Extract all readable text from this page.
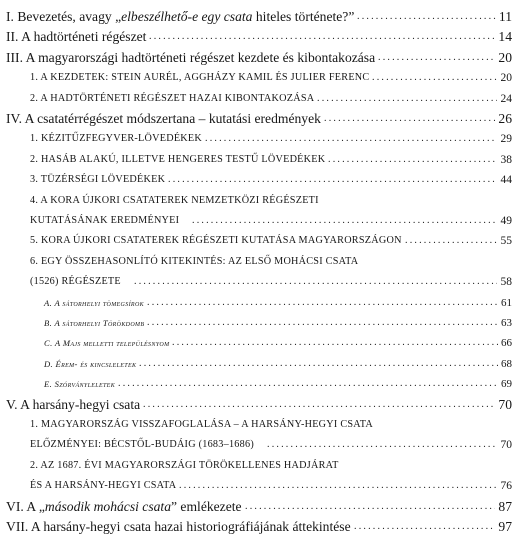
I. Bevezetés, avagy „elbeszélhető-e egy csata hiteles története?”	11
.....
II. A hadtörténeti régészet	14
.....
III. A magyarországi hadtörténeti régészet kezdete és kibontakozása	20
.....
1. A KEZDETEK: STEIN AURÉL, AGGHÁZY KAMIL ÉS JULIER FERENC	20
.....
2. A HADTÖRTÉNETI RÉGÉSZET HAZAI KIBONTAKOZÁSA	24
.....
IV. A csatatérrégészet módszertana – kutatási eredmények	26
.....
1. KÉZITŰZFEGYVER-LÖVEDÉKEK	29
.....
2. HASÁB ALAKÚ, ILLETVE HENGERES TESTŰ LÖVEDÉKEK	38
.....
3. TÜZÉRSÉGI LÖVEDÉKEK	44
.....
4. A KORA ÚJKORI CSATATEREK NEMZETKÖZI RÉGÉSZETI
KUTATÁSÁNAK EREDMÉNYEI	49
.....
5. KORA ÚJKORI CSATATEREK RÉGÉSZETI KUTATÁSA MAGYARORSZÁGON	55
.....
6. EGY ÖSSZEHASONLÍTÓ KITEKINTÉS: AZ ELSŐ MOHÁCSI CSATA
(1526) RÉGÉSZETE	58
.....
A. A sátorhelyi tömegsírok	61
.....
B. A sátorhelyi Törökdomb	63
.....
C. A Majs melletti településnyom	66
.....
D. Érem- és kincsleletek	68
.....
E. Szórványleletek	69
.....
V. A harsány-hegyi csata	70
.....
1. MAGYARORSZÁG VISSZAFOGLALÁSA – A HARSÁNY-HEGYI CSATA
ELŐZMÉNYEI: BÉCSTŐL-BUDÁIG (1683–1686)	70
.....
2. AZ 1687. ÉVI MAGYARORSZÁGI TÖRÖKELLENES HADJÁRAT
ÉS A HARSÁNY-HEGYI CSATA	76
.....
VI. A „második mohácsi csata” emlékezete	87
.....
VII. A harsány-hegyi csata hazai historiográfiájának áttekintése	97
.....
